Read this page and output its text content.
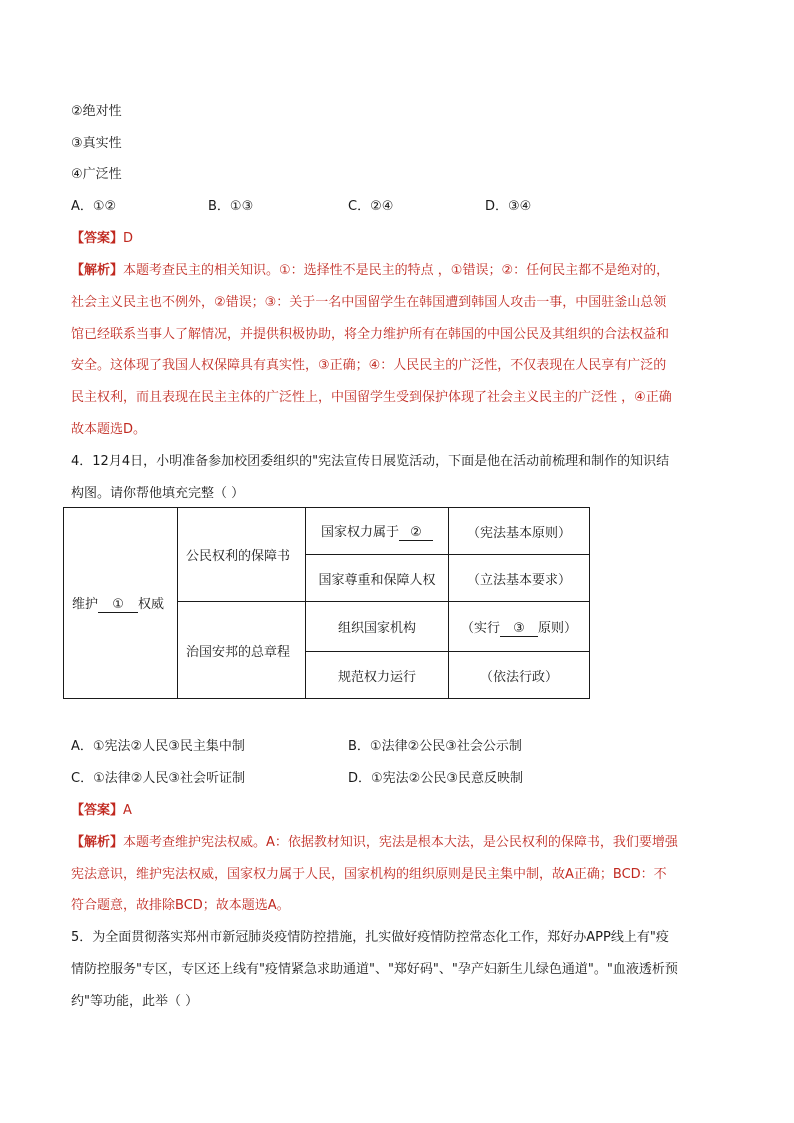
②绝对性
③真实性
④广泛性
A．①②	B．①③	C．②④	D．③④
【答案】D
【解析】本题考查民主的相关知识。①：选择性不是民主的特点 ，①错误；②：任何民主都不是绝对的，
社会主义民主也不例外，②错误；③：关于一名中国留学生在韩国遭到韩国人攻击一事，中国驻釜山总领
馆已经联系当事人了解情况，并提供积极协助，将全力维护所有在韩国的中国公民及其组织的合法权益和
安全。这体现了我国人权保障具有真实性，③正确；④：人民民主的广泛性，不仅表现在人民享有广泛的
民主权利，而且表现在民主主体的广泛性上，中国留学生受到保护体现了社会主义民主的广泛性 ，④正确
故本题选D。
4．12月4日，小明准备参加校团委组织的"宪法宣传日展览活动，下面是他在活动前梳理和制作的知识结
构图。请你帮他填充完整（ ）
维护 ① 权威	公民权利的保障书	国家权力属于 ②	（宪法基本原则）
		国家尊重和保障人权	（立法基本要求）
	治国安邦的总章程	组织国家机构	（实行 ③ 原则）
		规范权力运行	（依法行政）
A．①宪法②人民③民主集中制	B．①法律②公民③社会公示制
C．①法律②人民③社会听证制	D．①宪法②公民③民意反映制
【答案】A
【解析】本题考查维护宪法权威。A：依据教材知识，宪法是根本大法，是公民权利的保障书，我们要增强
宪法意识，维护宪法权威，国家权力属于人民，国家机构的组织原则是民主集中制，故A正确；BCD：不
符合题意，故排除BCD；故本题选A。
5．为全面贯彻落实郑州市新冠肺炎疫情防控措施，扎实做好疫情防控常态化工作，郑好办APP线上有"疫
情防控服务"专区，专区还上线有"疫情紧急求助通道"、"郑好码"、"孕产妇新生儿绿色通道"。"血液透析预
约"等功能，此举（ ）
